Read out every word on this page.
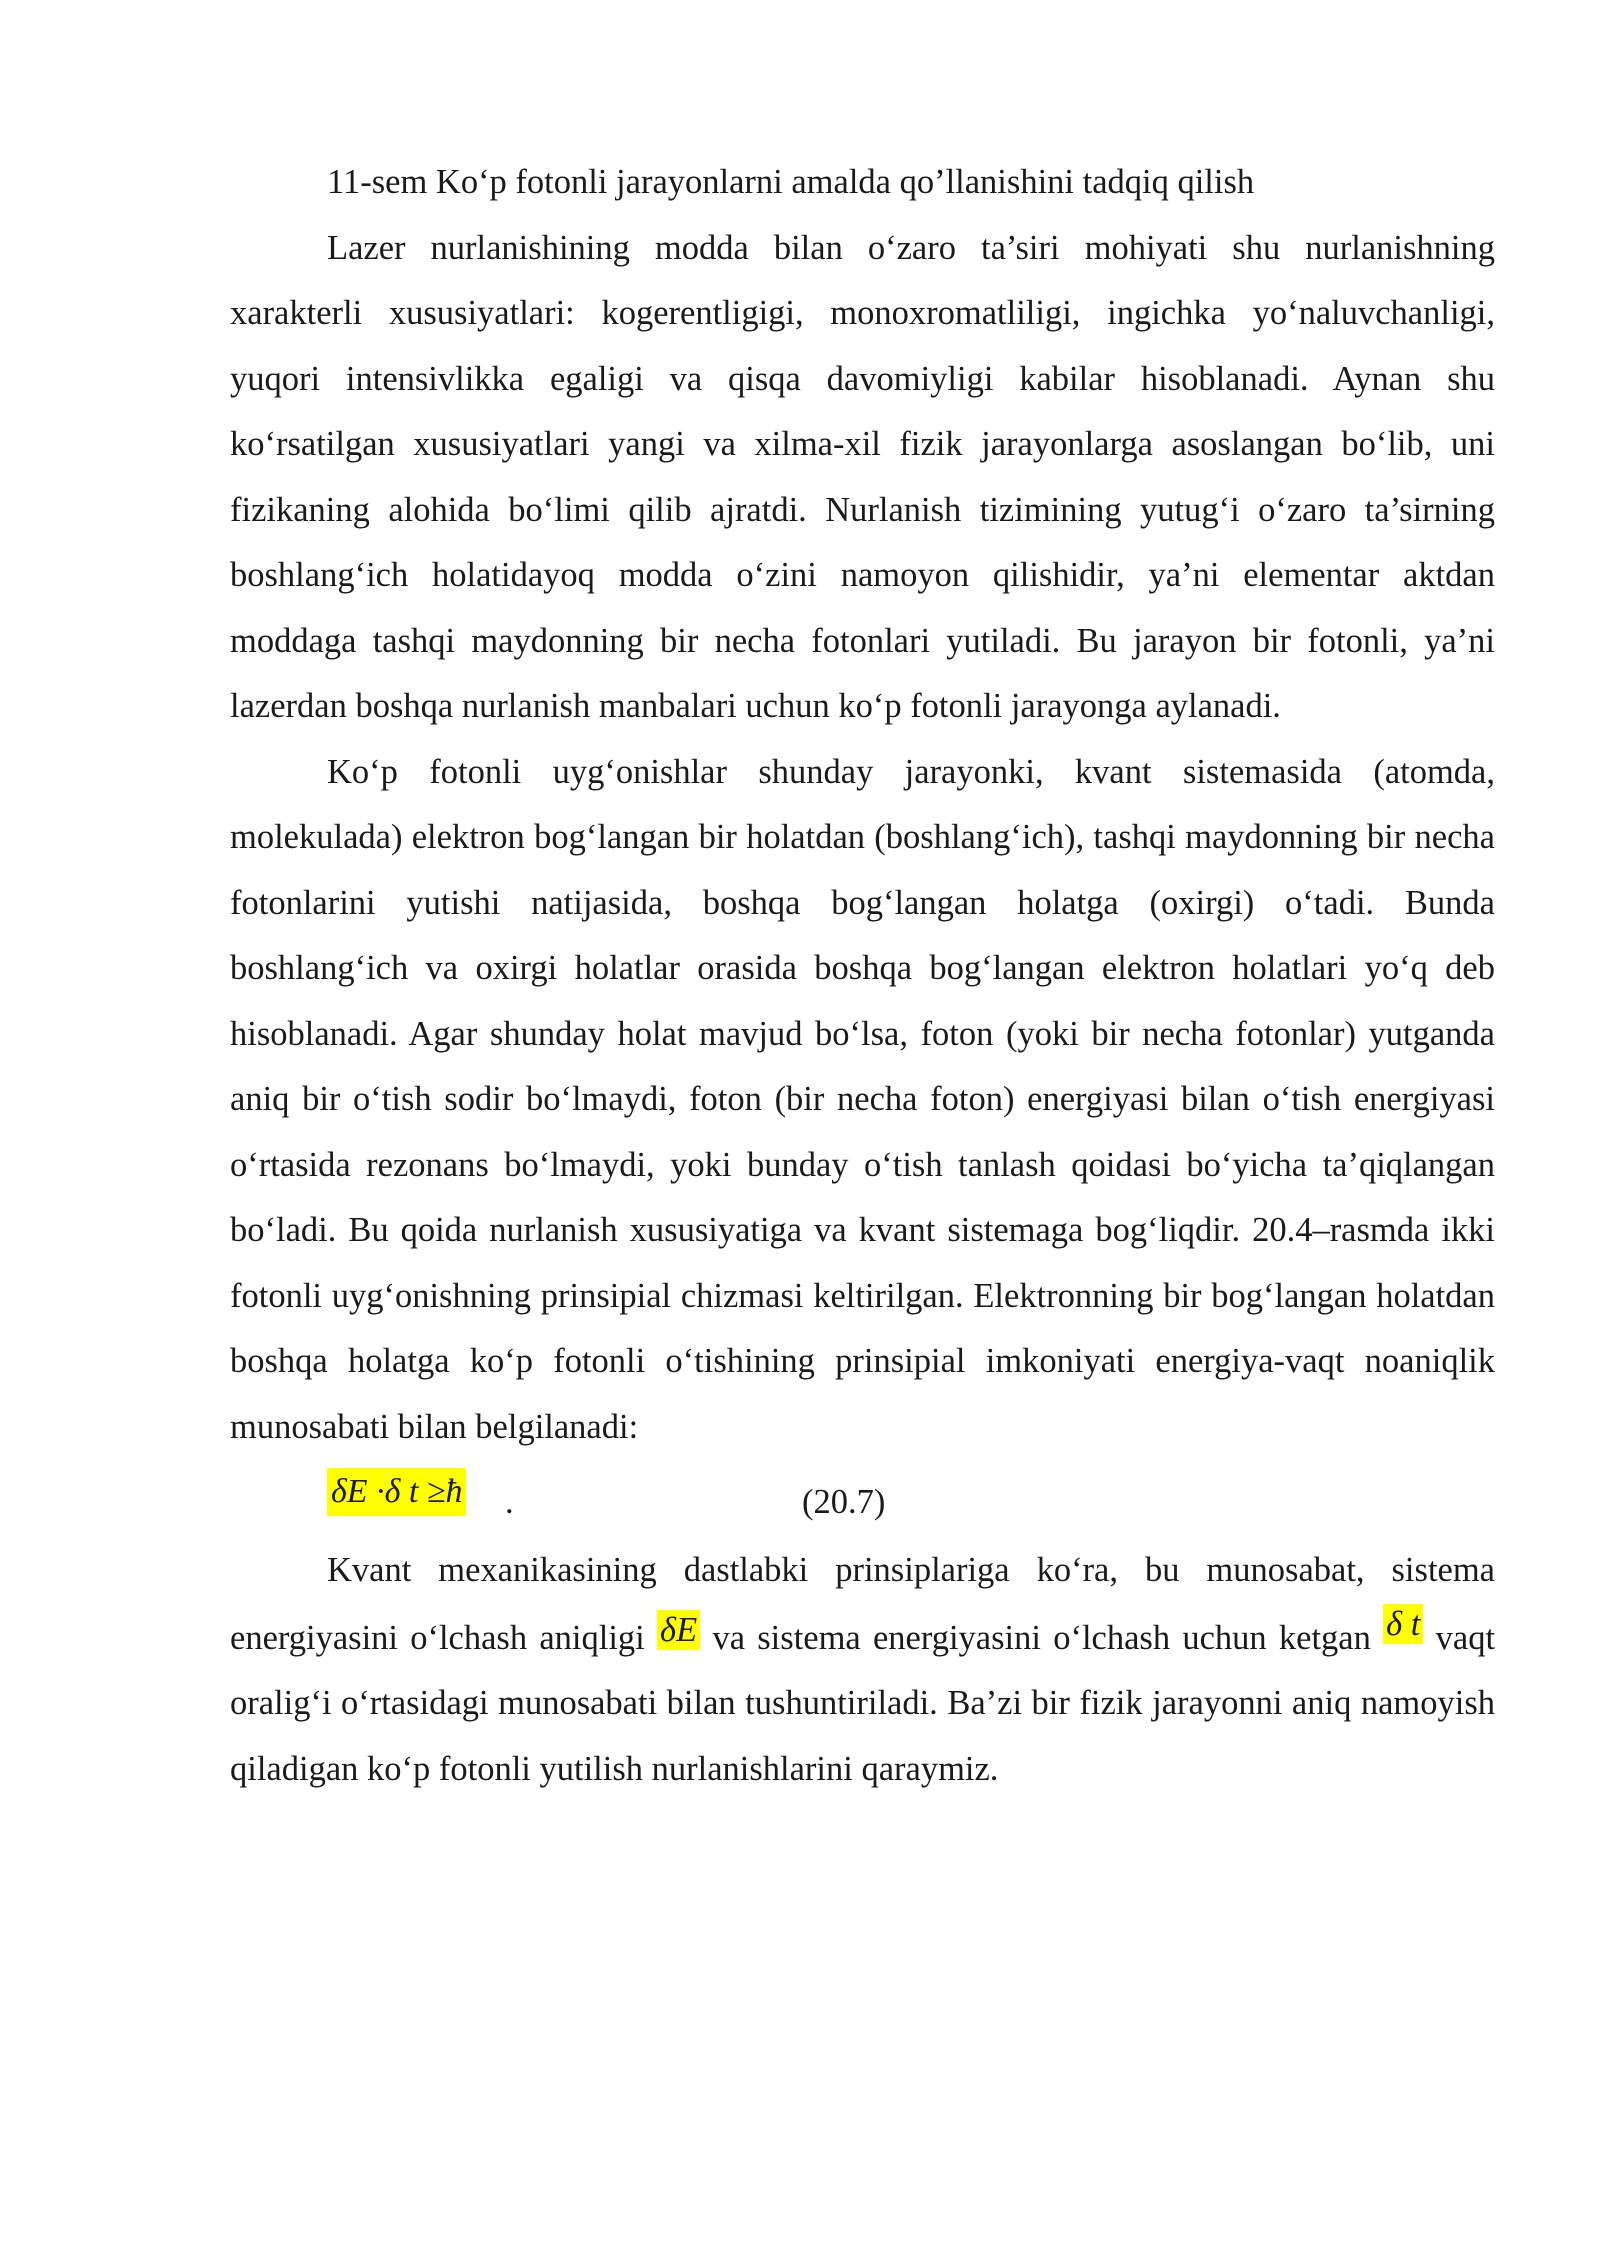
11-sem Koʻp fotonli jarayonlarni amalda qo’llanishini tadqiq qilish

Lazer nurlanishining modda bilan oʻzaro ta’siri mohiyati shu nurlanishning xarakterli xususiyatlari: kogerentligigi, monoxromatliligi, ingichka yoʻnaluvchanligi, yuqori intensivlikka egaligi va qisqa davomiyligi kabilar hisoblanadi. Aynan shu koʻrsatilgan xususiyatlari yangi va xilma-xil fizik jarayonlarga asoslangan boʻlib, uni fizikaning alohida boʻlimi qilib ajratdi. Nurlanish tizimining yutugʻi oʻzaro ta’sirning boshlangʻich holatidayoq modda oʻzini namoyon qilishidir, ya’ni elementar aktdan moddaga tashqi maydonning bir necha fotonlari yutiladi. Bu jarayon bir fotonli, ya’ni lazerdan boshqa nurlanish manbalari uchun koʻp fotonli jarayonga aylanadi.

Koʻp fotonli uygʻonishlar shunday jarayonki, kvant sistemasida (atomda, molekulada) elektron bogʻlangan bir holatdan (boshlangʻich), tashqi maydonning bir necha fotonlarini yutishi natijasida, boshqa bogʻlangan holatga (oxirgi) oʻtadi. Bunda boshlangʻich va oxirgi holatlar orasida boshqa bogʻlangan elektron holatlari yoʻq deb hisoblanadi. Agar shunday holat mavjud boʻlsa, foton (yoki bir necha fotonlar) yutganda aniq bir oʻtish sodir boʻlmaydi, foton (bir necha foton) energiyasi bilan oʻtish energiyasi oʻrtasida rezonans boʻlmaydi, yoki bunday oʻtish tanlash qoidasi boʻyicha ta’qiqlangan boʻladi. Bu qoida nurlanish xususiyatiga va kvant sistemaga bogʻliqdir. 20.4–rasmda ikki fotonli uygʻonishning prinsipial chizmasi keltirilgan. Elektronning bir bogʻlangan holatdan boshqa holatga koʻp fotonli oʻtishining prinsipial imkoniyati energiya-vaqt noaniqlik munosabati bilan belgilanadi:

δE ·δ t ≥ħ .	(20.7)

Kvant mexanikasining dastlabki prinsiplariga koʻra, bu munosabat, sistema energiyasini oʻlchash aniqligi δE va sistema energiyasini oʻlchash uchun ketgan δ t vaqt oraligʻi oʻrtasidagi munosabati bilan tushuntiriladi. Ba’zi bir fizik jarayonni aniq namoyish qiladigan koʻp fotonli yutilish nurlanishlarini qaraymiz.
